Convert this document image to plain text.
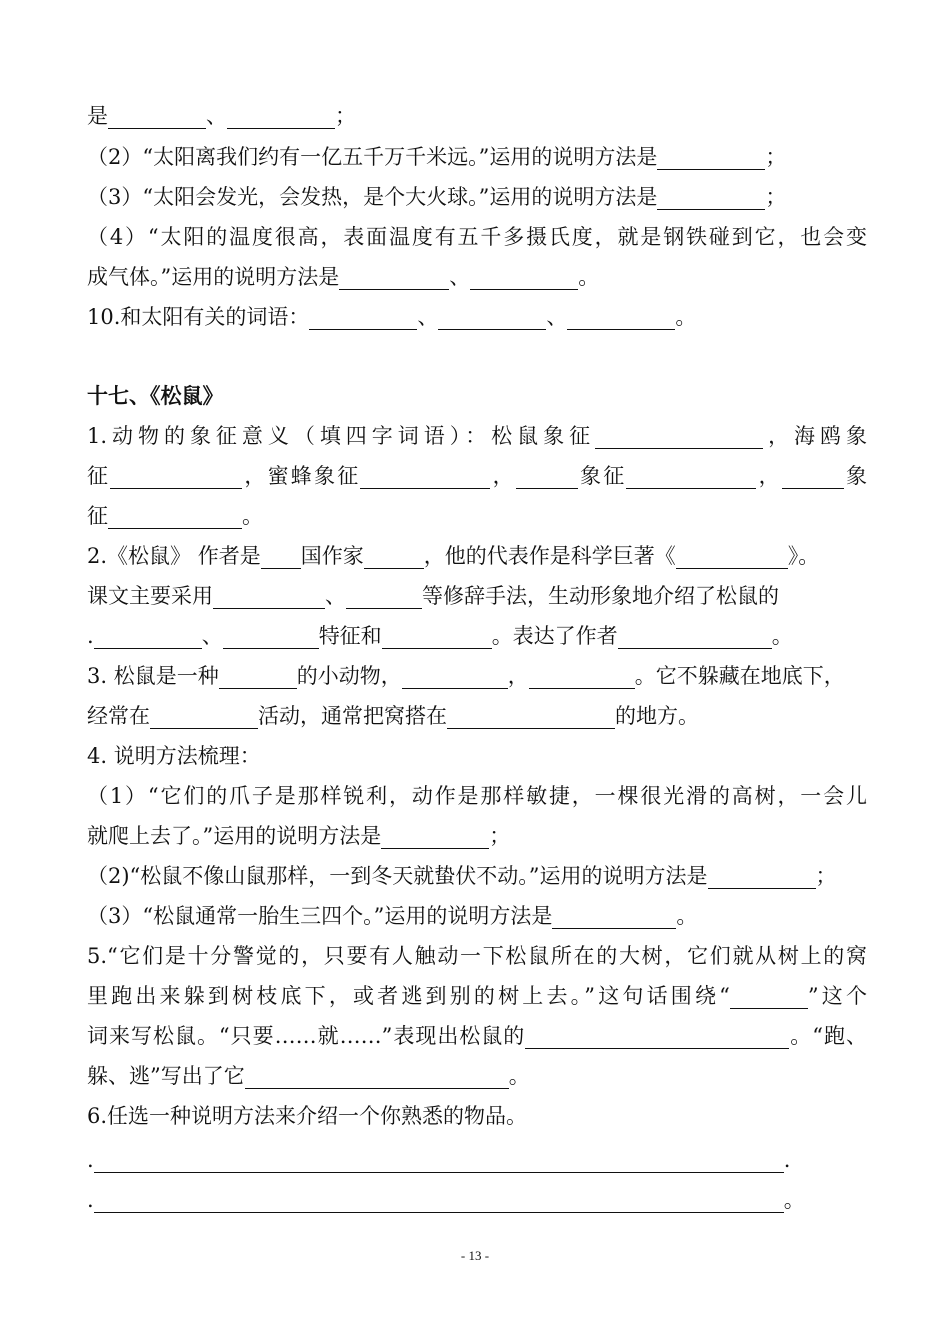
是	、	；
（2）“太阳离我们约有一亿五千万千米远。”运用的说明方法是	；
（3）“太阳会发光，会发热，是个大火球。”运用的说明方法是	；
（4）“太阳的温度很高，表面温度有五千多摄氏度，就是钢铁碰到它，也会变
成气体。”运用的说明方法是	、	。
10.和太阳有关的词语：	、	、	。
十七、《松鼠》
1.动物的象征意义（填四字词语）：松鼠象征	，海鸥象
征	，蜜蜂象征	，	象征	，	象
征	。
2.《松鼠》 作者是 国作家	，他的代表作是科学巨著《	》。
课文主要采用	、	等修辞手法，生动形象地介绍了松鼠的
.	、	特征和	。表达了作者	。
3. 松鼠是一种	的小动物，	，	。它不躲藏在地底下，
经常在	活动，通常把窝搭在	的地方。
4. 说明方法梳理：
（1）“它们的爪子是那样锐利，动作是那样敏捷，一棵很光滑的高树，一会儿
就爬上去了。”运用的说明方法是	；
（2)“松鼠不像山鼠那样，一到冬天就蛰伏不动。”运用的说明方法是	；
（3）“松鼠通常一胎生三四个。”运用的说明方法是	。
5.“它们是十分警觉的，只要有人触动一下松鼠所在的大树，它们就从树上的窝
里跑出来躲到树枝底下，或者逃到别的树上去。”这句话围绕“	”这个
词来写松鼠。“只要……就……”表现出松鼠的	。“跑、
躲、逃”写出了它	。
6.任选一种说明方法来介绍一个你熟悉的物品。
.	.
.	。
- 13 -
